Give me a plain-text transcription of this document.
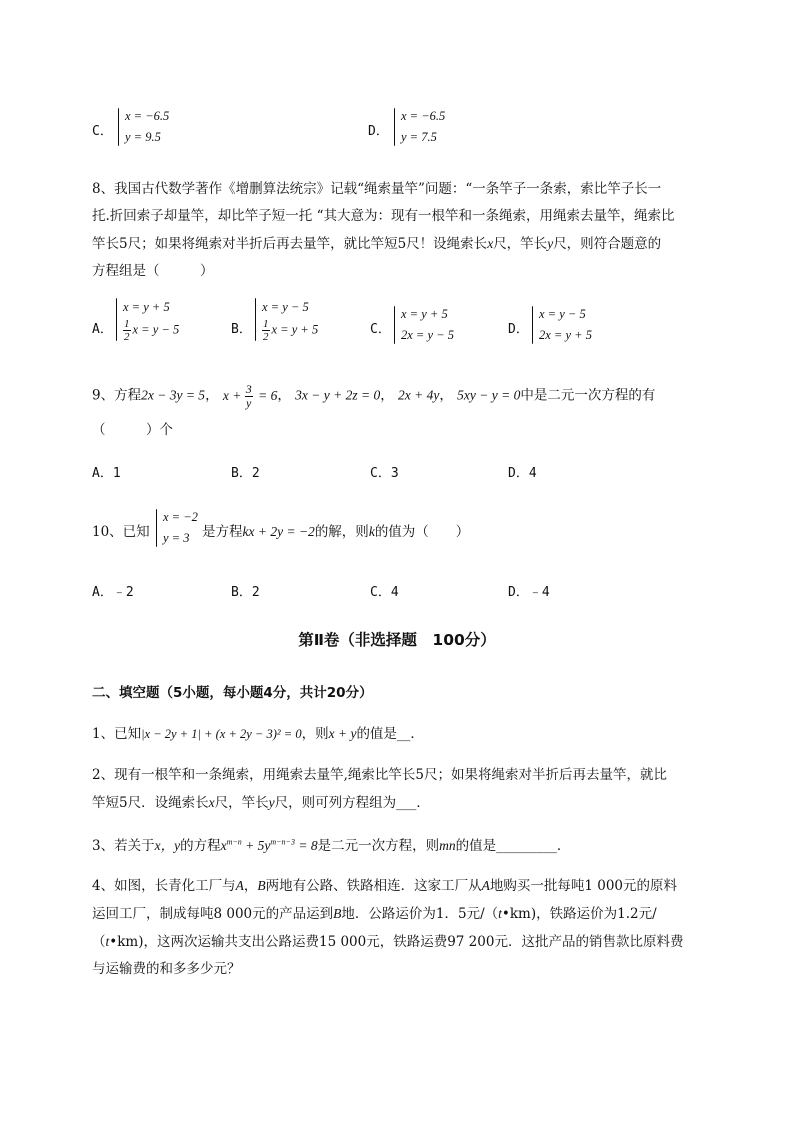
C．
x = −6.5
y = 9.5	D．
x = −6.5
y = 7.5
8、我国古代数学著作《增删算法统宗》记载“绳索量竿”问题：“一条竿子一条索，索比竿子长一
托.折回索子却量竿，却比竿子短一托 “其大意为：现有一根竿和一条绳索，用绳索去量竿，绳索比
竿长5尺；如果将绳索对半折后再去量竿，就比竿短5尺！设绳索长x尺，竿长y尺，则符合题意的
方程组是（　　　）
A．
x = y + 5
$\frac{1}{2}$ x = y − 5	B．
x = y − 5
$\frac{1}{2}$ x = y + 5	C．
x = y + 5
2x = y − 5	D．
x = y − 5
2x = y + 5
9、方程2x − 3y = 5， $x + \frac{3}{y} = 6$， 3x − y + 2z = 0， 2x + 4y， 5xy − y = 0中是二元一次方程的有
（　　　）个
A．1	B．2	C．3	D．4
10、已知
x = −2
y = 3 是方程kx + 2y = −2的解，则k的值为（　　）
A．﹣2	B．2	C．4	D．﹣4
第Ⅱ卷（非选择题　100分）
二、填空题（5小题，每小题4分，共计20分）
1、已知|x − 2y + 1| + (x + 2y − 3)² = 0，则x + y的值是__．
2、现有一根竿和一条绳索，用绳索去量竿,绳索比竿长5尺；如果将绳索对半折后再去量竿，就比
竿短5尺．设绳索长x尺，竿长y尺，则可列方程组为___．
3、若关于x，y的方程$x^{m-n} + 5y^{m-n-3} = 8$是二元一次方程，则mn的值是_________．
4、如图，长青化工厂与A，B两地有公路、铁路相连．这家工厂从A地购买一批每吨1 000元的原料
运回工厂，制成每吨8 000元的产品运到B地．公路运价为1．5元/（t•km)，铁路运价为1.2元/
（t•km)，这两次运输共支出公路运费15 000元，铁路运费97 200元．这批产品的销售款比原料费
与运输费的和多多少元？
